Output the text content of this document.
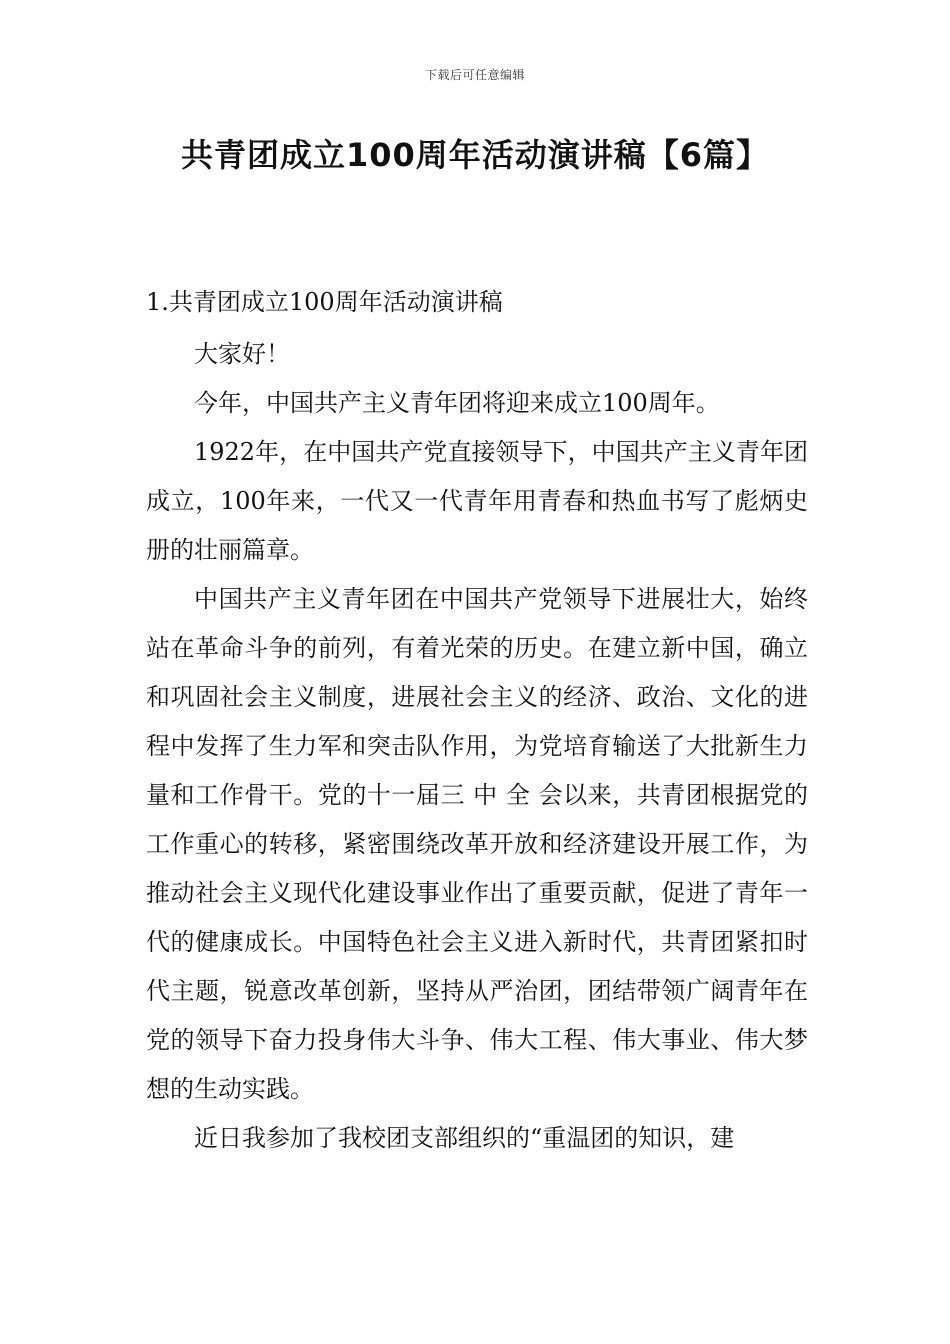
下载后可任意编辑
共青团成立100周年活动演讲稿【6篇】
1.共青团成立100周年活动演讲稿

大家好！

今年，中国共产主义青年团将迎来成立100周年。

1922年，在中国共产党直接领导下，中国共产主义青年团成立，100年来，一代又一代青年用青春和热血书写了彪炳史册的壮丽篇章。

中国共产主义青年团在中国共产党领导下进展壮大，始终站在革命斗争的前列，有着光荣的历史。在建立新中国，确立和巩固社会主义制度，进展社会主义的经济、政治、文化的进程中发挥了生力军和突击队作用，为党培育输送了大批新生力量和工作骨干。党的十一届三 中 全 会以来，共青团根据党的工作重心的转移，紧密围绕改革开放和经济建设开展工作，为推动社会主义现代化建设事业作出了重要贡献，促进了青年一代的健康成长。中国特色社会主义进入新时代，共青团紧扣时代主题，锐意改革创新，坚持从严治团，团结带领广阔青年在党的领导下奋力投身伟大斗争、伟大工程、伟大事业、伟大梦想的生动实践。

近日我参加了我校团支部组织的“重温团的知识，建
